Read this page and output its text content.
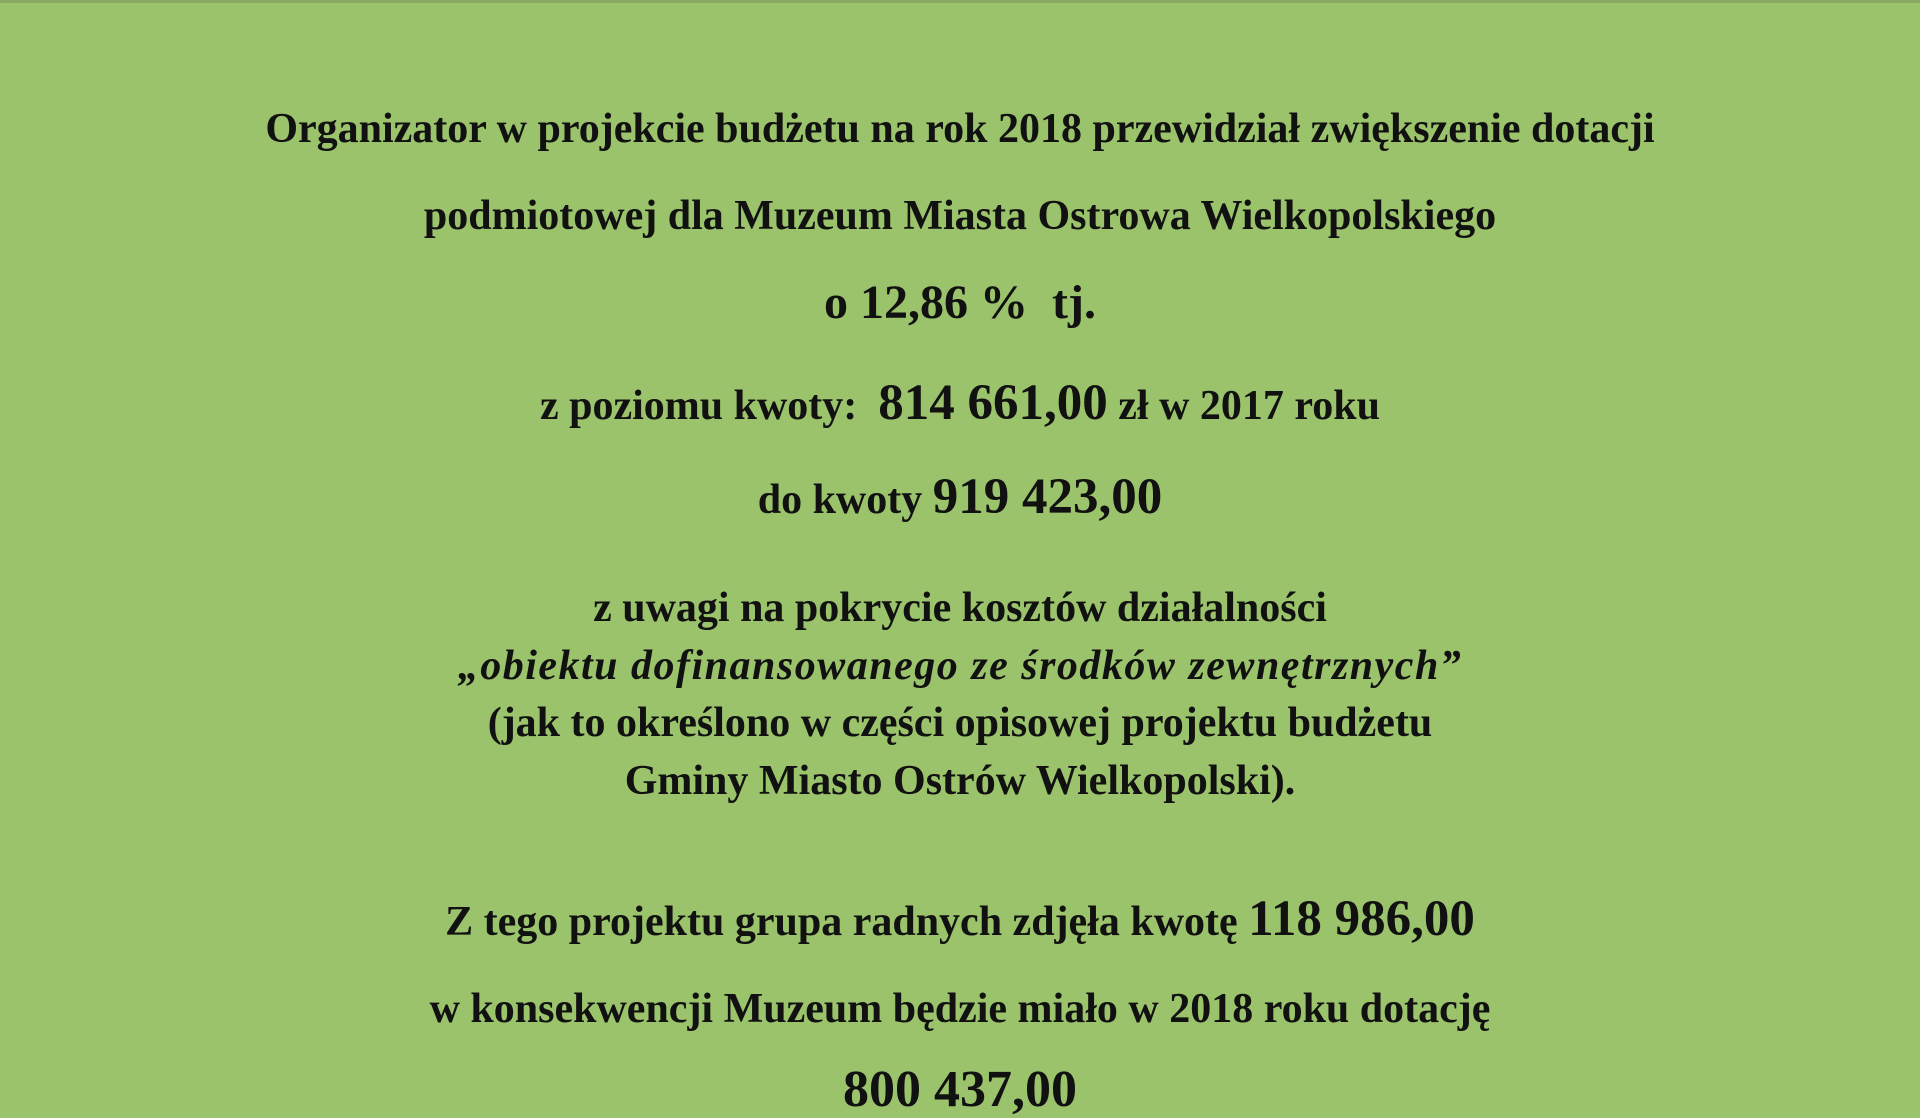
Organizator w projekcie budżetu na rok 2018 przewidział zwiększenie dotacji
podmiotowej dla Muzeum Miasta Ostrowa Wielkopolskiego
o 12,86 %  tj.
z poziomu kwoty:  814 661,00 zł w 2017 roku
do kwoty 919 423,00
z uwagi na pokrycie kosztów działalności
„obiektu dofinansowanego ze środków zewnętrznych”
(jak to określono w części opisowej projektu budżetu
Gminy Miasto Ostrów Wielkopolski).
Z tego projektu grupa radnych zdjęła kwotę 118 986,00
w konsekwencji Muzeum będzie miało w 2018 roku dotację
800 437,00
